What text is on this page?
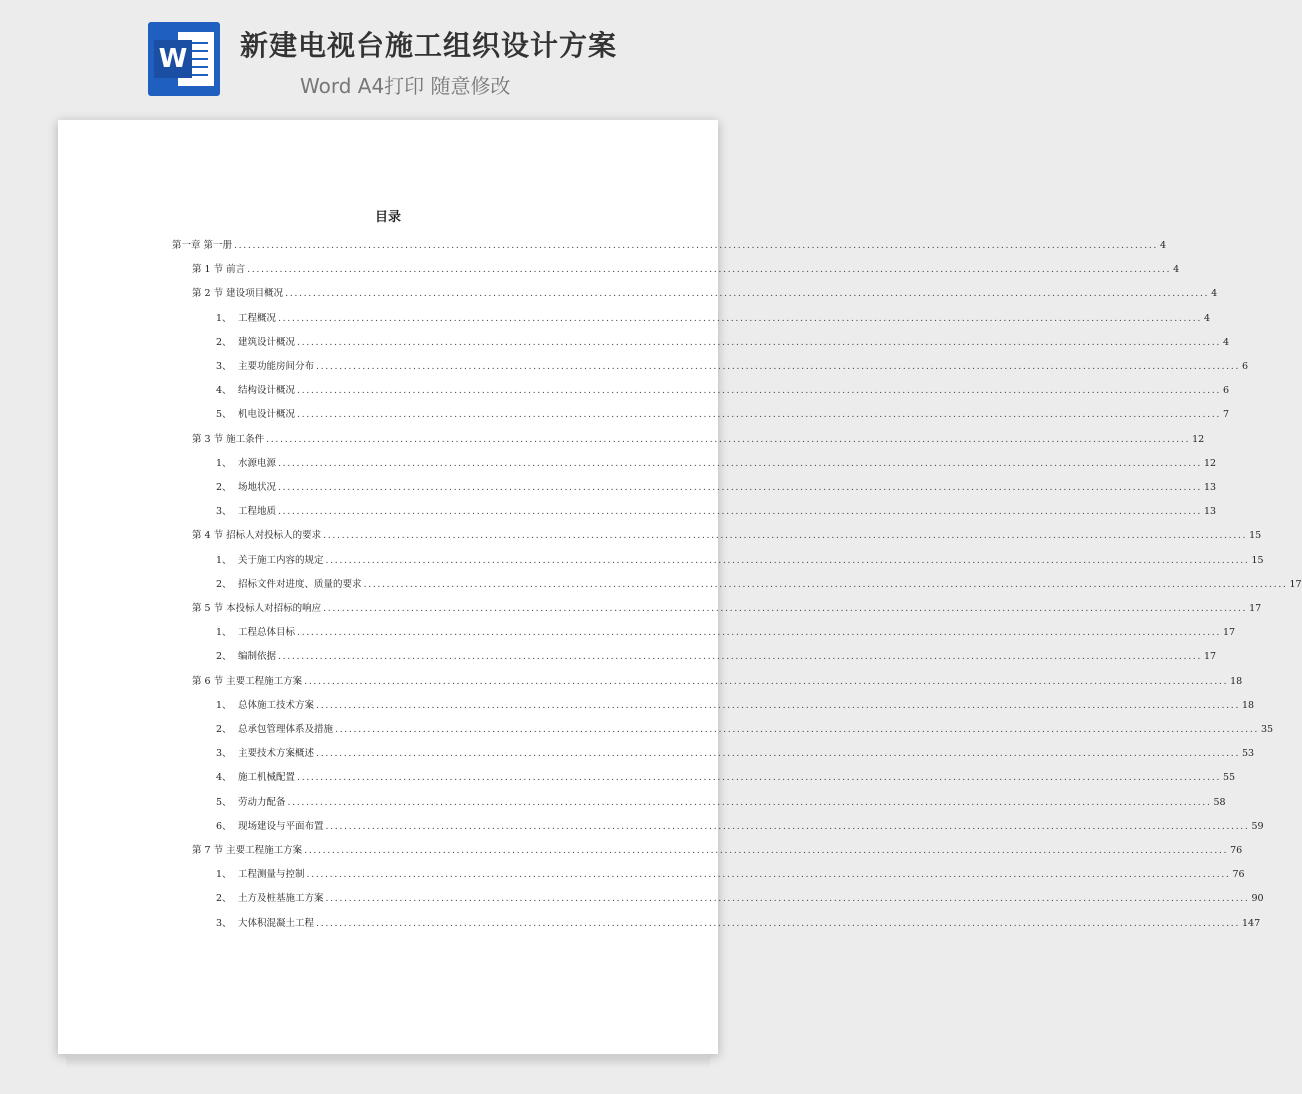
W 新建电视台施工组织设计方案
Word A4打印 随意修改
目录
第一章 第一册 ........................................................................................................................................................................................................ 4
第 1 节 前言 ........................................................................................................................................................................................................ 4
第 2 节 建设项目概况 ........................................................................................................................................................................................................ 4
1、 工程概况 ........................................................................................................................................................................................................ 4
2、 建筑设计概况 ........................................................................................................................................................................................................ 4
3、 主要功能房间分布 ........................................................................................................................................................................................................ 6
4、 结构设计概况 ........................................................................................................................................................................................................ 6
5、 机电设计概况 ........................................................................................................................................................................................................ 7
第 3 节 施工条件 ........................................................................................................................................................................................................ 12
1、 水源电源 ........................................................................................................................................................................................................ 12
2、 场地状况 ........................................................................................................................................................................................................ 13
3、 工程地质 ........................................................................................................................................................................................................ 13
第 4 节 招标人对投标人的要求 ........................................................................................................................................................................................................ 15
1、 关于施工内容的规定 ........................................................................................................................................................................................................ 15
2、 招标文件对进度、质量的要求 ........................................................................................................................................................................................................ 17
第 5 节 本投标人对招标的响应 ........................................................................................................................................................................................................ 17
1、 工程总体目标 ........................................................................................................................................................................................................ 17
2、 编制依据 ........................................................................................................................................................................................................ 17
第 6 节 主要工程施工方案 ........................................................................................................................................................................................................ 18
1、 总体施工技术方案 ........................................................................................................................................................................................................ 18
2、 总承包管理体系及措施 ........................................................................................................................................................................................................ 35
3、 主要技术方案概述 ........................................................................................................................................................................................................ 53
4、 施工机械配置 ........................................................................................................................................................................................................ 55
5、 劳动力配备 ........................................................................................................................................................................................................ 58
6、 现场建设与平面布置 ........................................................................................................................................................................................................ 59
第 7 节 主要工程施工方案 ........................................................................................................................................................................................................ 76
1、 工程测量与控制 ........................................................................................................................................................................................................ 76
2、 土方及桩基施工方案 ........................................................................................................................................................................................................ 90
3、 大体积混凝土工程 ........................................................................................................................................................................................................ 147
